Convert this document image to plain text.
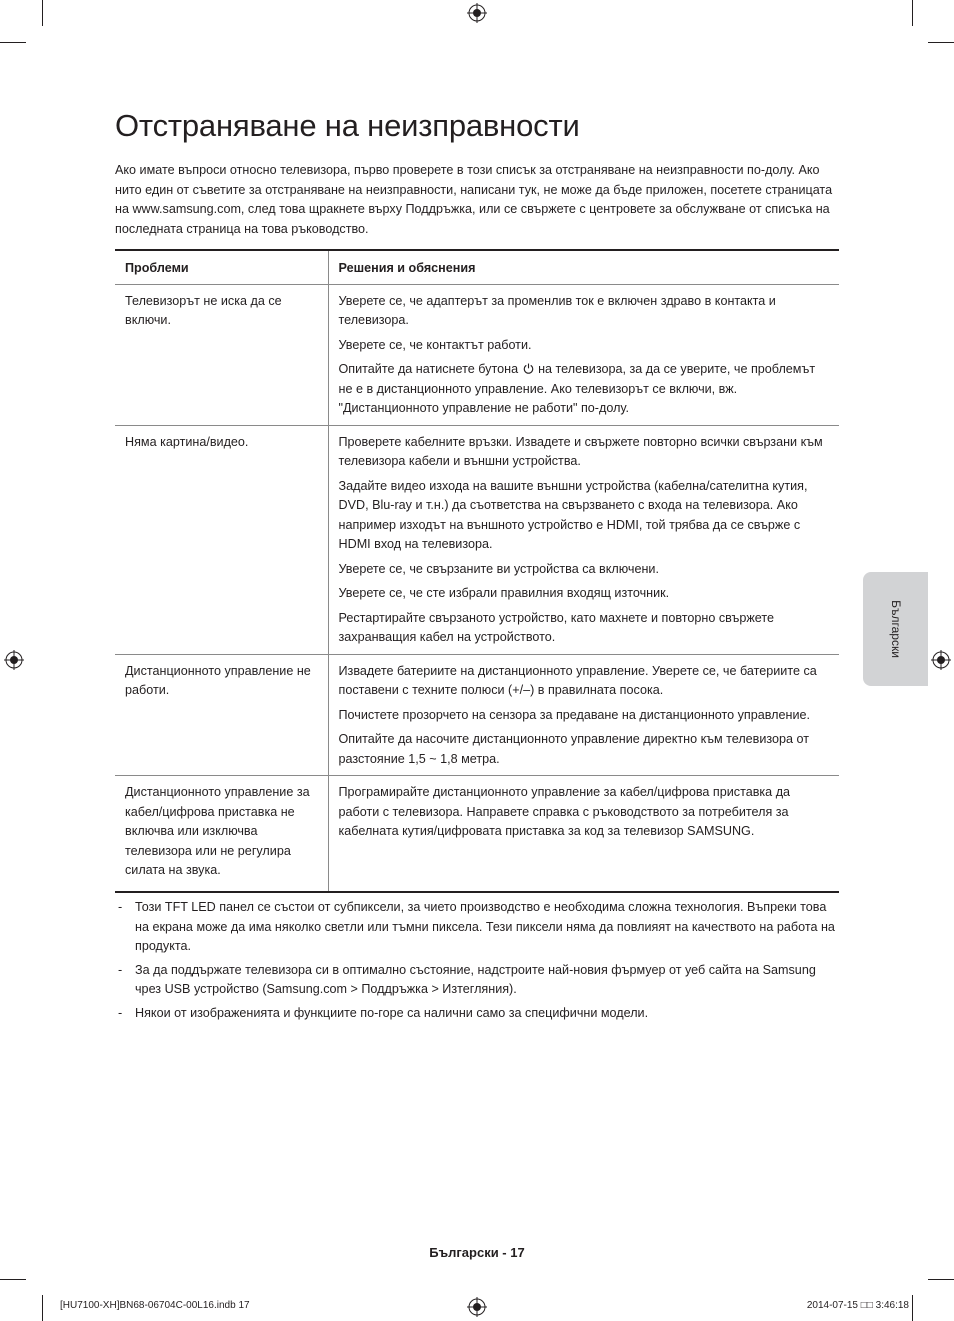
Отстраняване на неизправности

Ако имате въпроси относно телевизора, първо проверете в този списък за отстраняване на неизправности по-долу. Ако нито един от съветите за отстраняване на неизправности, написани тук, не може да бъде приложен, посетете страницата на www.samsung.com, след това щракнете върху Поддръжка, или се свържете с центровете за обслужване от списъка на последната страница на това ръководство.

Проблеми	Решения и обяснения
Телевизорът не иска да се включи.	Уверете се, че адаптерът за променлив ток е включен здраво в контакта и телевизора.

Уверете се, че контактът работи.

Опитайте да натиснете бутона на телевизора, за да се уверите, че проблемът не е в дистанционното управление. Ако телевизорът се включи, вж. "Дистанционното управление не работи" по-долу.

Няма картина/видео.	Проверете кабелните връзки. Извадете и свържете повторно всички свързани към телевизора кабели и външни устройства.

Задайте видео изхода на вашите външни устройства (кабелна/сателитна кутия, DVD, Blu-ray и т.н.) да съответства на свързването с входа на телевизора. Ако например изходът на външното устройство е HDMI, той трябва да се свърже с HDMI вход на телевизора.

Уверете се, че свързаните ви устройства са включени.

Уверете се, че сте избрали правилния входящ източник.

Рестартирайте свързаното устройство, като махнете и повторно свържете захранващия кабел на устройството.

Дистанционното управление не работи.	Извадете батериите на дистанционното управление. Уверете се, че батериите са поставени с техните полюси (+/–) в правилната посока.

Почистете прозорчето на сензора за предаване на дистанционното управление.

Опитайте да насочите дистанционното управление директно към телевизора от разстояние 1,5 ~ 1,8 метра.

Дистанционното управление за кабел/цифрова приставка не включва или изключва телевизора или не регулира силата на звука.	Програмирайте дистанционното управление за кабел/цифрова приставка да работи с телевизора. Направете справка с ръководството за потребителя за кабелната кутия/цифровата приставка за код за телевизор SAMSUNG.

- Този TFT LED панел се състои от субпиксели, за чието производство е необходима сложна технология. Въпреки това на екрана може да има няколко светли или тъмни пиксела. Тези пиксели няма да повлияят на качеството на работа на продукта.
- За да поддържате телевизора си в оптимално състояние, надстроите най-новия фърмуер от уеб сайта на Samsung чрез USB устройство (Samsung.com > Поддръжка > Изтегляния).
- Някои от изображенията и функциите по-горе са налични само за специфични модели.
Български
Български - 17
[HU7100-XH]BN68-06704C-00L16.indb 17	2014-07-15 □□ 3:46:18
